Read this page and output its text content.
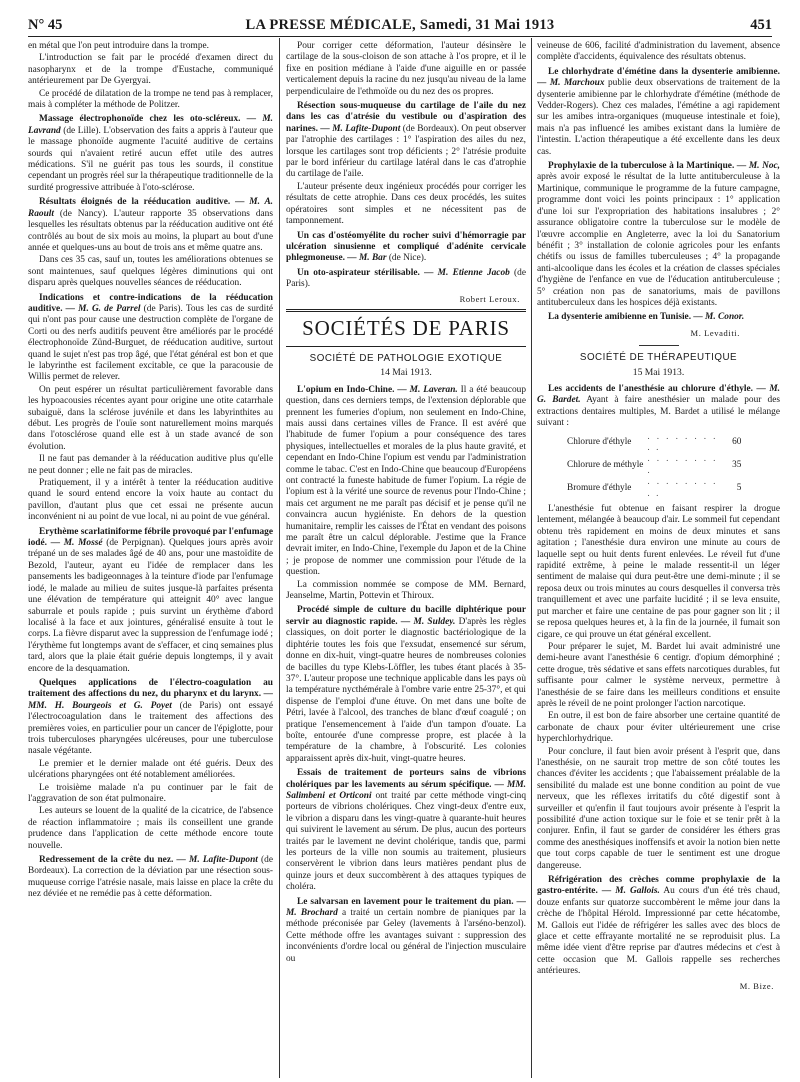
N° 45	LA PRESSE MÉDICALE, Samedi, 31 Mai 1913	451

en métal que l'on peut introduire dans la trompe.

L'introduction se fait par le procédé d'examen direct du nasopharynx et de la trompe d'Eustache, communiqué antérieurement par De Gyergyai.

Ce procédé de dilatation de la trompe ne tend pas à remplacer, mais à compléter la méthode de Politzer.

Massage électrophonoïde chez les oto-scléreux. — M. Lavrand (de Lille). L'observation des faits a appris à l'auteur que le massage phonoïde augmente l'acuité auditive de certains sourds qui n'avaient retiré aucun effet utile des autres médications. S'il ne guérit pas tous les sourds, il constitue cependant un progrès réel sur la thérapeutique traditionnelle de la surdité progressive attribuée à l'oto-sclérose.

Résultats éloignés de la rééducation auditive. — M. A. Raoult (de Nancy). L'auteur rapporte 35 observations dans lesquelles les résultats obtenus par la rééducation auditive ont été contrôlés au bout de six mois au moins, la plupart au bout d'une année et quelques-uns au bout de trois ans et même quatre ans.

Dans ces 35 cas, sauf un, toutes les améliorations obtenues se sont maintenues, sauf quelques légères diminutions qui ont disparu après quelques nouvelles séances de rééducation.

Indications et contre-indications de la rééducation auditive. — M. G. de Parrel (de Paris). Tous les cas de surdité qui n'ont pas pour cause une destruction complète de l'organe de Corti ou des nerfs auditifs peuvent être améliorés par le procédé électrophonoïde Zünd-Burguet, de rééducation auditive, surtout quand le sujet n'est pas trop âgé, que l'état général est bon et que le labyrinthe est facilement excitable, ce que la paracousie de Willis permet de relever.

On peut espérer un résultat particulièrement favorable dans les hypoacousies récentes ayant pour origine une otite catarrhale subaiguë, dans la sclérose juvénile et dans les labyrinthites au début. Les progrès de l'ouïe sont naturellement moins marqués dans l'otosclérose quand elle est à un stade avancé de son évolution.

Il ne faut pas demander à la rééducation auditive plus qu'elle ne peut donner ; elle ne fait pas de miracles.

Pratiquement, il y a intérêt à tenter la rééducation auditive quand le sourd entend encore la voix haute au contact du pavillon, d'autant plus que cet essai ne présente aucun inconvénient ni au point de vue local, ni au point de vue général.

Erythème scarlatiniforme fébrile provoqué par l'enfumage iodé. — M. Mossé (de Perpignan). Quelques jours après avoir trépané un de ses malades âgé de 40 ans, pour une mastoïdite de Bezold, l'auteur, ayant eu l'idée de remplacer dans les pansements les badigeonnages à la teinture d'iode par l'enfumage iodé, le malade au milieu de suites jusque-là parfaites présenta une élévation de température qui atteignit 40° avec langue saburrale et pouls rapide ; puis survint un érythème d'abord localisé à la face et aux jointures, généralisé ensuite à tout le corps. La fièvre disparut avec la suppression de l'enfumage iodé ; l'érythème fut longtemps avant de s'effacer, et cinq semaines plus tard, alors que la plaie était guérie depuis longtemps, il y avait encore de la desquamation.

Quelques applications de l'électro-coagulation au traitement des affections du nez, du pharynx et du larynx. — MM. H. Bourgeois et G. Poyet (de Paris) ont essayé l'électrocoagulation dans le traitement des affections des premières voies, en particulier pour un cancer de l'épiglotte, pour trois tuberculoses pharyngées ulcéreuses, pour une tuberculose nasale végétante.

Le premier et le dernier malade ont été guéris. Deux des ulcérations pharyngées ont été notablement améliorées.

Le troisième malade n'a pu continuer par le fait de l'aggravation de son état pulmonaire.

Les auteurs se louent de la qualité de la cicatrice, de l'absence de réaction inflammatoire ; mais ils conseillent une grande prudence dans l'application de cette méthode encore toute nouvelle.

Redressement de la crête du nez. — M. Lafite-Dupont (de Bordeaux). La correction de la déviation par une résection sous-muqueuse corrige l'atrésie nasale, mais laisse en place la crête du nez déviée et ne remédie pas à cette déformation.

Pour corriger cette déformation, l'auteur désinsère le cartilage de la sous-cloison de son attache à l'os propre, et il le fixe en position médiane à l'aide d'une aiguille en or passée verticalement depuis la racine du nez jusqu'au niveau de la lame perpendiculaire de l'ethmoïde ou du nez des os propres.

Résection sous-muqueuse du cartilage de l'aile du nez dans les cas d'atrésie du vestibule ou d'aspiration des narines. — M. Lafite-Dupont (de Bordeaux). On peut observer par l'atrophie des cartilages : 1° l'aspiration des ailes du nez, lorsque les cartilages sont trop déficients ; 2° l'atrésie produite par le bord inférieur du cartilage latéral dans le cas d'atrophie du cartilage de l'aile.

L'auteur présente deux ingénieux procédés pour corriger les résultats de cette atrophie. Dans ces deux procédés, les suites opératoires sont simples et ne nécessitent pas de tamponnement.

Un cas d'ostéomyélite du rocher suivi d'hémorragie par ulcération sinusienne et compliqué d'adénite cervicale phlegmoneuse. — M. Bar (de Nice).

Un oto-aspirateur stérilisable. — M. Etienne Jacob (de Paris).

Robert Leroux.
SOCIÉTÉS DE PARIS
SOCIÉTÉ DE PATHOLOGIE EXOTIQUE
14 Mai 1913.

L'opium en Indo-Chine. — M. Laveran. Il a été beaucoup question, dans ces derniers temps, de l'extension déplorable que prennent les fumeries d'opium, non seulement en Indo-Chine, mais aussi dans certaines villes de France. Il est avéré que l'habitude de fumer l'opium a pour conséquence des tares physiques, intellectuelles et morales de la plus haute gravité, et cependant en Indo-Chine l'opium est vendu par l'administration comme le tabac. C'est en Indo-Chine que beaucoup d'Européens ont contracté la funeste habitude de fumer l'opium. La régie de l'opium est à la vérité une source de revenus pour l'Indo-Chine ; mais cet argument ne me paraît pas décisif et je pense qu'il ne convaincra aucun hygiéniste. En dehors de la question humanitaire, remplir les caisses de l'État en vendant des poisons me paraît être un calcul déplorable. J'estime que la France devrait imiter, en Indo-Chine, l'exemple du Japon et de la Chine ; je propose de nommer une commission pour l'étude de la question.

La commission nommée se compose de MM. Bernard, Jeanselme, Martin, Pottevin et Thiroux.

Procédé simple de culture du bacille diphtérique pour servir au diagnostic rapide. — M. Suldey. D'après les règles classiques, on doit porter le diagnostic bactériologique de la diphtérie toutes les fois que l'exsudat, ensemencé sur sérum, donne en dix-huit, vingt-quatre heures de nombreuses colonies de bacilles du type Klebs-Löffler, les tubes étant placés à 35-37°. L'auteur propose une technique applicable dans les pays où la température nycthémérale à l'ombre varie entre 25-37°, et qui dispense de l'emploi d'une étuve. On met dans une boîte de Pétri, lavée à l'alcool, des tranches de blanc d'œuf coagulé ; on pratique l'ensemencement à l'aide d'un tampon d'ouate. La boîte, entourée d'une compresse propre, est placée à la température de la chambre, à l'obscurité. Les colonies apparaissent après dix-huit, vingt-quatre heures.

Essais de traitement de porteurs sains de vibrions cholériques par les lavements au sérum spécifique. — MM. Salimbeni et Orticoni ont traité par cette méthode vingt-cinq porteurs de vibrions cholériques. Chez vingt-deux d'entre eux, le vibrion a disparu dans les vingt-quatre à quarante-huit heures qui suivirent le lavement au sérum. De plus, aucun des porteurs traités par le lavement ne devint cholérique, tandis que, parmi les porteurs de la ville non soumis au traitement, plusieurs conservèrent le vibrion dans leurs matières pendant plus de quinze jours et deux succombèrent à des attaques typiques de choléra.

Le salvarsan en lavement pour le traitement du pian. — M. Brochard a traité un certain nombre de pianiques par la méthode préconisée par Geley (lavements à l'arséno-benzol). Cette méthode offre les avantages suivant : suppression des inconvénients d'ordre local ou général de l'injection musculaire ou

veineuse de 606, facilité d'administration du lavement, absence complète d'accidents, équivalence des résultats obtenus.

Le chlorhydrate d'émétine dans la dysenterie amibienne. — M. Marchoux publie deux observations de traitement de la dysenterie amibienne par le chlorhydrate d'émétine (méthode de Vedder-Rogers). Chez ces malades, l'émétine a agi rapidement sur les amibes intra-organiques (muqueuse intestinale et foie), mais n'a pas influencé les amibes existant dans la lumière de l'intestin. L'action thérapeutique a été excellente dans les deux cas.

Prophylaxie de la tuberculose à la Martinique. — M. Noc, après avoir exposé le résultat de la lutte antituberculeuse à la Martinique, communique le programme de la future campagne, programme dont voici les points principaux : 1° application d'une loi sur l'expropriation des habitations insalubres ; 2° assurance obligatoire contre la tuberculose sur le modèle de l'œuvre accomplie en Angleterre, avec la loi du Sanatorium bénéfit ; 3° installation de colonie agricoles pour les enfants chétifs ou issus de familles tuberculeuses ; 4° la propagande anti-alcoolique dans les écoles et la création de classes spéciales d'hygiène de l'enfance en vue de l'éducation antituberculeuse ; 5° création non pas de sanatoriums, mais de pavillons antituberculeux dans les hospices déjà existants.

La dysenterie amibienne en Tunisie. — M. Conor.

M. Levaditi.
SOCIÉTÉ DE THÉRAPEUTIQUE
15 Mai 1913.

Les accidents de l'anesthésie au chlorure d'éthyle. — M. G. Bardet. Ayant à faire anesthésier un malade pour des extractions dentaires multiples, M. Bardet a utilisé le mélange suivant :

Chlorure d'éthyle	. . . . . . . . . .	60
Chlorure de méthyle	. . . . . . . . .	35
Bromure d'éthyle	. . . . . . . . . .	5

L'anesthésie fut obtenue en faisant respirer la drogue lentement, mélangée à beaucoup d'air. Le sommeil fut cependant obtenu très rapidement en moins de deux minutes et sans agitation ; l'anesthésie dura environ une minute au cours de laquelle sept ou huit dents furent enlevées. Le réveil fut d'une rapidité extrême, à peine le malade ressentit-il un léger sentiment de malaise qui dura peut-être une demi-minute ; il se reposa deux ou trois minutes au cours desquelles il conversa très tranquillement et avec une parfaite lucidité ; il se leva ensuite, put marcher et faire une centaine de pas pour gagner son lit ; il se reposa quelques heures et, à la fin de la journée, il fumait son cigare, ce qui prouve un état général excellent.

Pour préparer le sujet, M. Bardet lui avait administré une demi-heure avant l'anesthésie 6 centigr. d'opium démorphiné ; cette drogue, très sédative et sans effets narcotiques durables, fut suffisante pour calmer le système nerveux, permettre à l'anesthésie de se faire dans les meilleurs conditions et ensuite après le réveil de ne point prolonger l'action narcotique.

En outre, il est bon de faire absorber une certaine quantité de carbonate de chaux pour éviter ultérieurement une crise hyperchlorhydrique.

Pour conclure, il faut bien avoir présent à l'esprit que, dans l'anesthésie, on ne saurait trop mettre de son côté toutes les chances d'éviter les accidents ; que l'abaissement préalable de la sensibilité du malade est une bonne condition au point de vue nerveux, que les réflexes irritatifs du côté digestif sont à surveiller et qu'enfin il faut toujours avoir présente à l'esprit la possibilité d'une action toxique sur le foie et se tenir prêt à la conjurer. Enfin, il faut se garder de considérer les éthers gras comme des anesthésiques inoffensifs et avoir la notion bien nette que tout corps capable de tuer le sentiment est une drogue dangereuse.

Réfrigération des crèches comme prophylaxie de la gastro-entérite. — M. Gallois. Au cours d'un été très chaud, douze enfants sur quatorze succombèrent le même jour dans la crèche de l'hôpital Hérold. Impressionné par cette hécatombe, M. Gallois eut l'idée de réfrigérer les salles avec des blocs de glace et cette effrayante mortalité ne se reproduisit plus. La même idée vient d'être reprise par d'autres médecins et c'est à cette occasion que M. Gallois rappelle ses recherches antérieures.

M. Bize.
